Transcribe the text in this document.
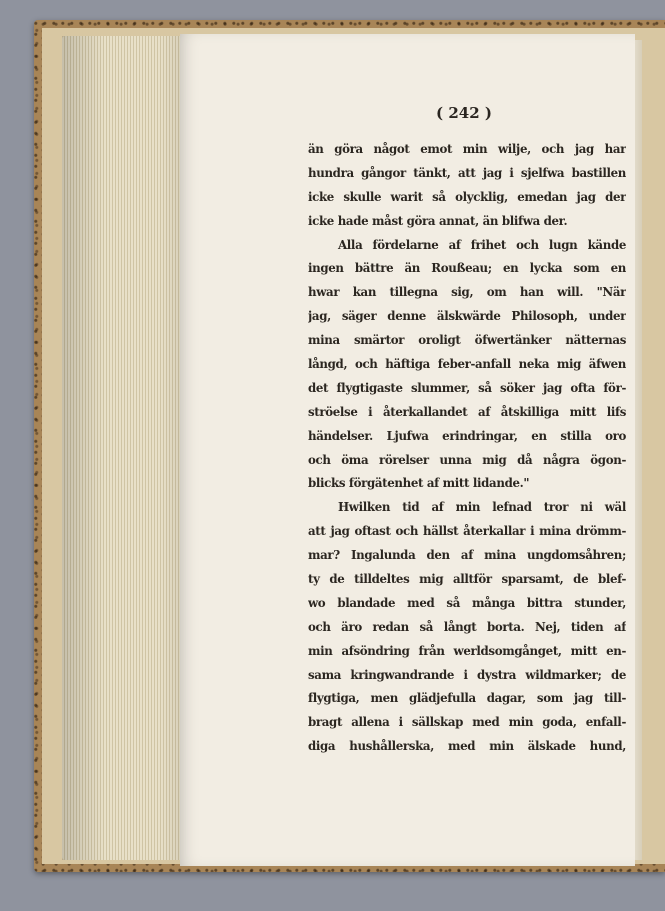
( 242 )
än göra något emot min wilje, och jag har
hundra gångor tänkt, att jag i sjelfwa bastillen
icke skulle warit så olycklig, emedan jag der
icke hade måst göra annat, än blifwa der.
Alla fördelarne af frihet och lugn kände
ingen bättre än Roußeau; en lycka som en
hwar kan tillegna sig, om han will. "När
jag, säger denne älskwärde Philosoph, under
mina smärtor oroligt öfwertänker nätternas
långd, och häftiga feber-anfall neka mig äfwen
det flygtigaste slummer, så söker jag ofta för-
ströelse i återkallandet af åtskilliga mitt lifs
händelser. Ljufwa erindringar, en stilla oro
och öma rörelser unna mig då några ögon-
blicks förgätenhet af mitt lidande."
Hwilken tid af min lefnad tror ni wäl
att jag oftast och hällst återkallar i mina drömm-
mar? Ingalunda den af mina ungdomsåhren;
ty de tilldeltes mig alltför sparsamt, de blef-
wo blandade med så många bittra stunder,
och äro redan så långt borta. Nej, tiden af
min afsöndring från werldsomgånget, mitt en-
sama kringwandrande i dystra wildmarker; de
flygtiga, men glädjefulla dagar, som jag till-
bragt allena i sällskap med min goda, enfall-
diga hushållerska, med min älskade hund,
